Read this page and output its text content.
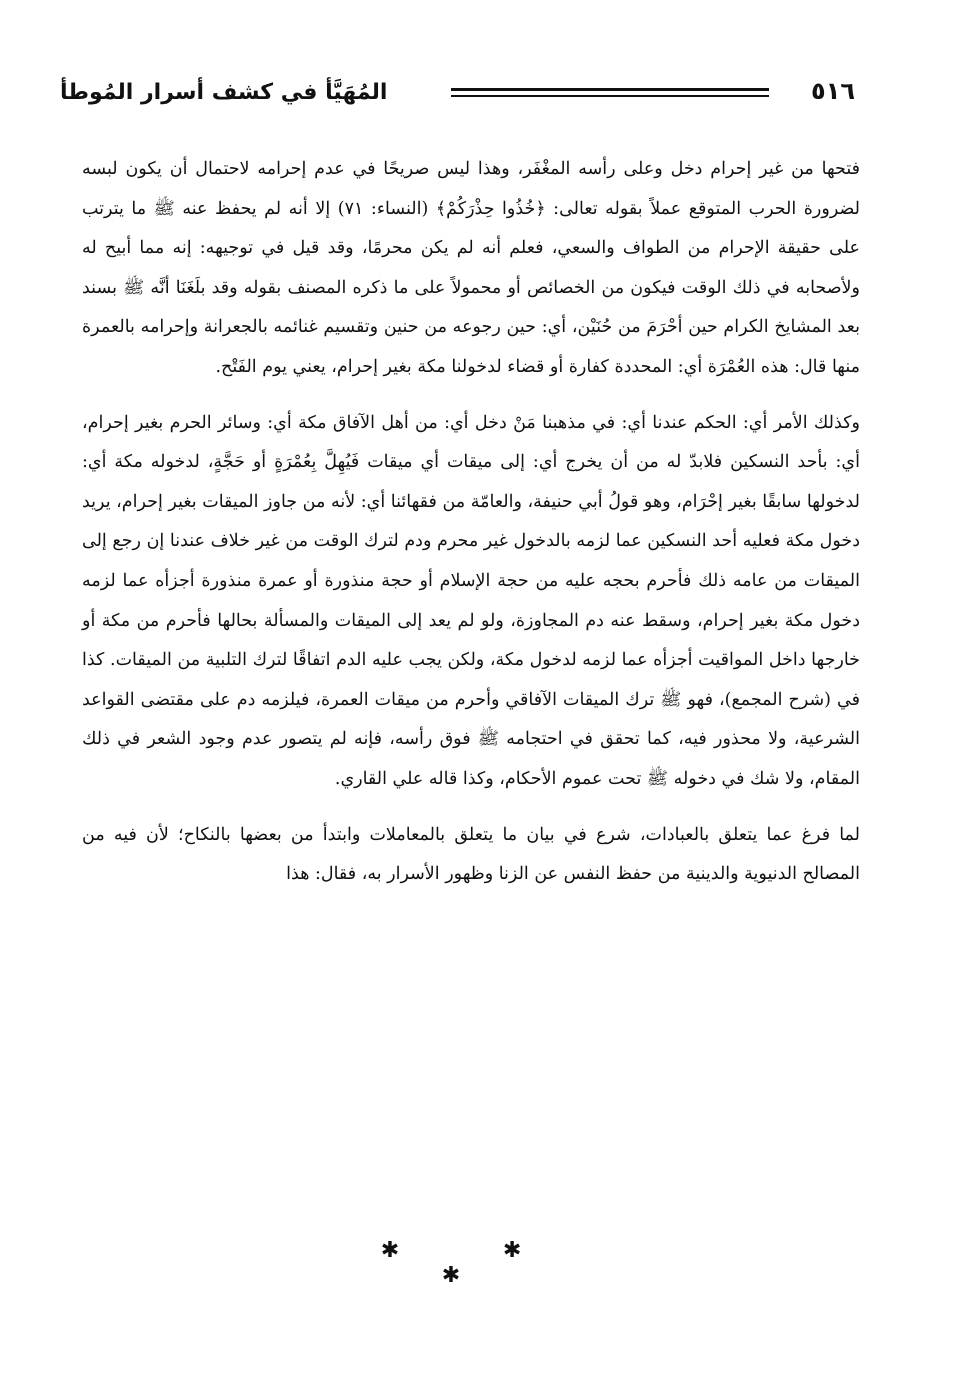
٥١٦
المُهَيَّأ في كشف أسرار المُوطأ

فتحها من غير إحرام دخل وعلى رأسه المغْفَر، وهذا ليس صريحًا في عدم إحرامه لاحتمال أن يكون لبسه لضرورة الحرب المتوقع عملاً بقوله تعالى: ﴿خُذُوا حِذْرَكُمْ﴾ (النساء: ٧١) إلا أنه لم يحفظ عنه ﷺ ما يترتب على حقيقة الإحرام من الطواف والسعي، فعلم أنه لم يكن محرمًا، وقد قيل في توجيهه: إنه مما أبيح له ولأصحابه في ذلك الوقت فيكون من الخصائص أو محمولاً على ما ذكره المصنف بقوله وقد بلَغَنَا أنَّه ﷺ بسند بعد المشايخ الكرام حين أحْرَمَ من حُنَيْن، أي: حين رجوعه من حنين وتقسيم غنائمه بالجعرانة وإحرامه بالعمرة منها قال: هذه العُمْرَة أي: المحددة كفارة أو قضاء لدخولنا مكة بغير إحرام، يعني يوم الفَتْح.

وكذلك الأمر أي: الحكم عندنا أي: في مذهبنا مَنْ دخل أي: من أهل الآفاق مكة أي: وسائر الحرم بغير إحرام، أي: بأحد النسكين فلابدّ له من أن يخرج أي: إلى ميقات أي ميقات فَيُهِلَّ بِعُمْرَةٍ أو حَجَّةٍ، لدخوله مكة أي: لدخولها سابقًا بغير إحْرَام، وهو قولُ أبي حنيفة، والعامّة من فقهائنا أي: لأنه من جاوز الميقات بغير إحرام، يريد دخول مكة فعليه أحد النسكين عما لزمه بالدخول غير محرم ودم لترك الوقت من غير خلاف عندنا إن رجع إلى الميقات من عامه ذلك فأحرم بحجه عليه من حجة الإسلام أو حجة منذورة أو عمرة منذورة أجزأه عما لزمه دخول مكة بغير إحرام، وسقط عنه دم المجاوزة، ولو لم يعد إلى الميقات والمسألة بحالها فأحرم من مكة أو خارجها داخل المواقيت أجزأه عما لزمه لدخول مكة، ولكن يجب عليه الدم اتفاقًا لترك التلبية من الميقات. كذا في (شرح المجمع)، فهو ﷺ ترك الميقات الآفاقي وأحرم من ميقات العمرة، فيلزمه دم على مقتضى القواعد الشرعية، ولا محذور فيه، كما تحقق في احتجامه ﷺ فوق رأسه، فإنه لم يتصور عدم وجود الشعر في ذلك المقام، ولا شك في دخوله ﷺ تحت عموم الأحكام، وكذا قاله علي القاري.

لما فرغ عما يتعلق بالعبادات، شرع في بيان ما يتعلق بالمعاملات وابتدأ من بعضها بالنكاح؛ لأن فيه من المصالح الدنيوية والدينية من حفظ النفس عن الزنا وظهور الأسرار به، فقال: هذا

✱ ✱ ✱
